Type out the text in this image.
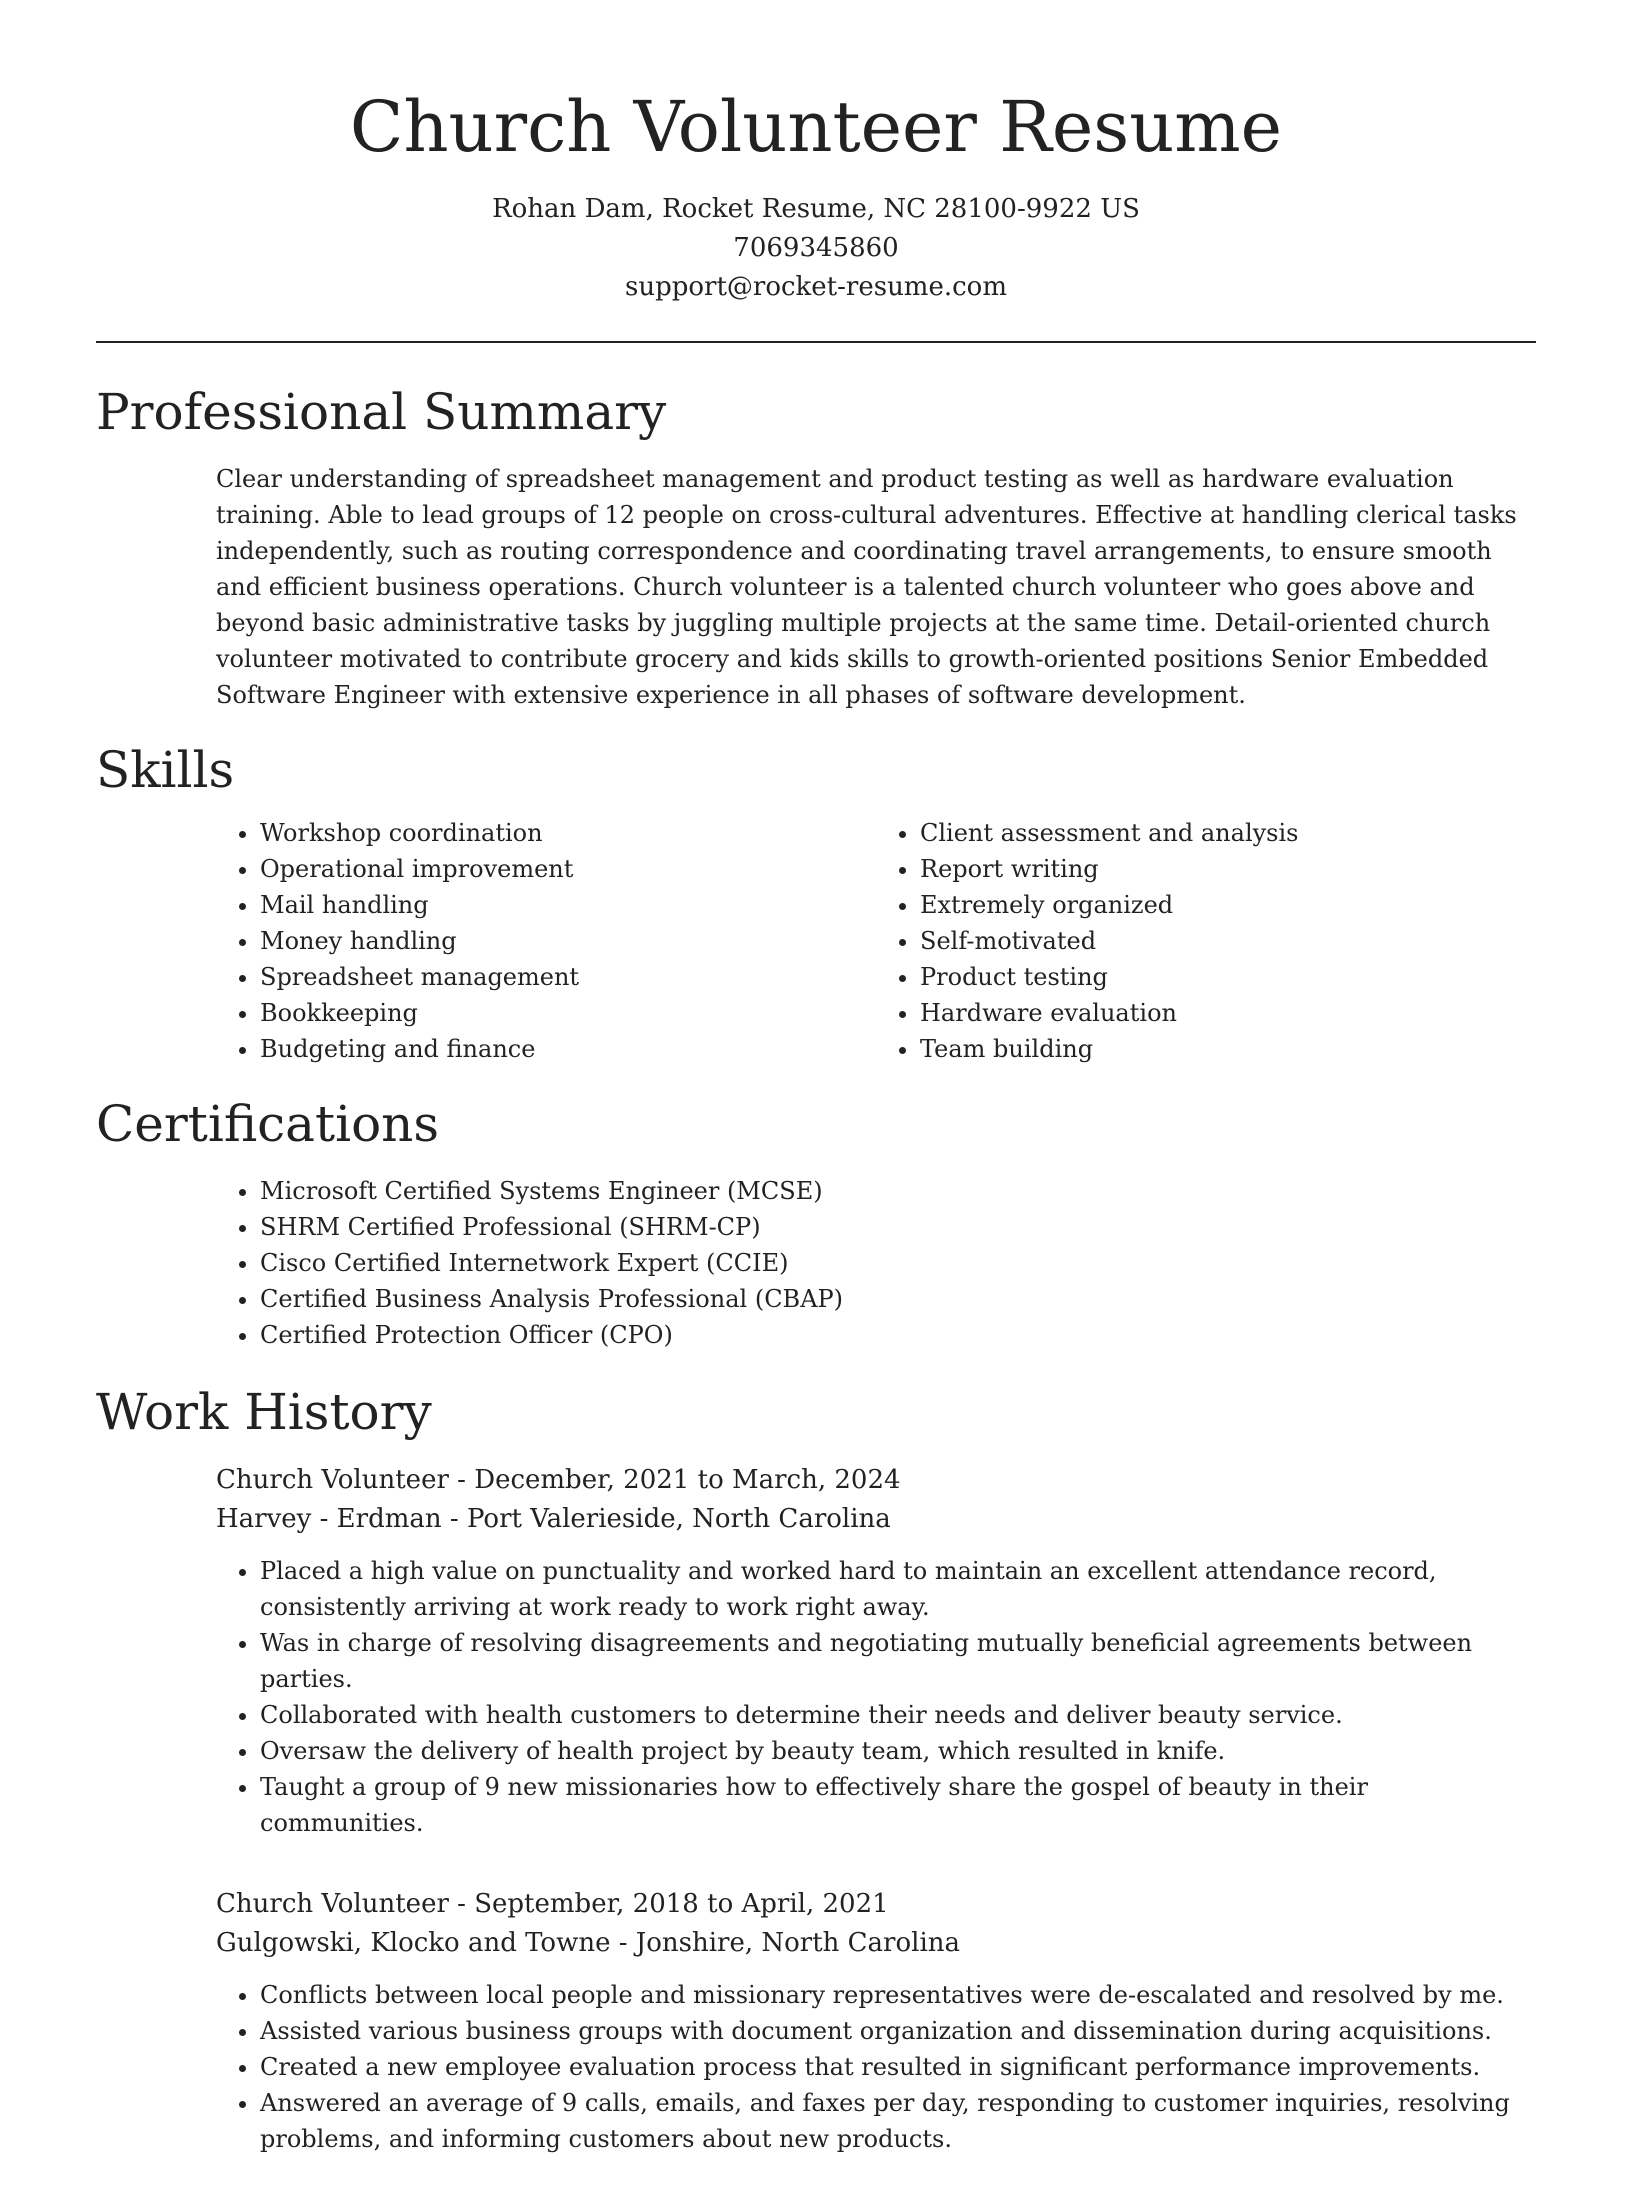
Church Volunteer Resume
Rohan Dam, Rocket Resume, NC 28100-9922 US
7069345860
support@rocket-resume.com
Professional Summary

Clear understanding of spreadsheet management and product testing as well as hardware evaluation training. Able to lead groups of 12 people on cross-cultural adventures. Effective at handling clerical tasks independently, such as routing correspondence and coordinating travel arrangements, to ensure smooth and efficient business operations. Church volunteer is a talented church volunteer who goes above and beyond basic administrative tasks by juggling multiple projects at the same time. Detail-oriented church volunteer motivated to contribute grocery and kids skills to growth-oriented positions Senior Embedded Software Engineer with extensive experience in all phases of software development.

Skills
• Workshop coordination
• Operational improvement
• Mail handling
• Money handling
• Spreadsheet management
• Bookkeeping
• Budgeting and finance
• Client assessment and analysis
• Report writing
• Extremely organized
• Self-motivated
• Product testing
• Hardware evaluation
• Team building
Certifications
• Microsoft Certified Systems Engineer (MCSE)
• SHRM Certified Professional (SHRM-CP)
• Cisco Certified Internetwork Expert (CCIE)
• Certified Business Analysis Professional (CBAP)
• Certified Protection Officer (CPO)
Work History
Church Volunteer - December, 2021 to March, 2024
Harvey - Erdman - Port Valerieside, North Carolina
• Placed a high value on punctuality and worked hard to maintain an excellent attendance record, consistently arriving at work ready to work right away.
• Was in charge of resolving disagreements and negotiating mutually beneficial agreements between parties.
• Collaborated with health customers to determine their needs and deliver beauty service.
• Oversaw the delivery of health project by beauty team, which resulted in knife.
• Taught a group of 9 new missionaries how to effectively share the gospel of beauty in their communities.
Church Volunteer - September, 2018 to April, 2021
Gulgowski, Klocko and Towne - Jonshire, North Carolina
• Conflicts between local people and missionary representatives were de-escalated and resolved by me.
• Assisted various business groups with document organization and dissemination during acquisitions.
• Created a new employee evaluation process that resulted in significant performance improvements.
• Answered an average of 9 calls, emails, and faxes per day, responding to customer inquiries, resolving problems, and informing customers about new products.
